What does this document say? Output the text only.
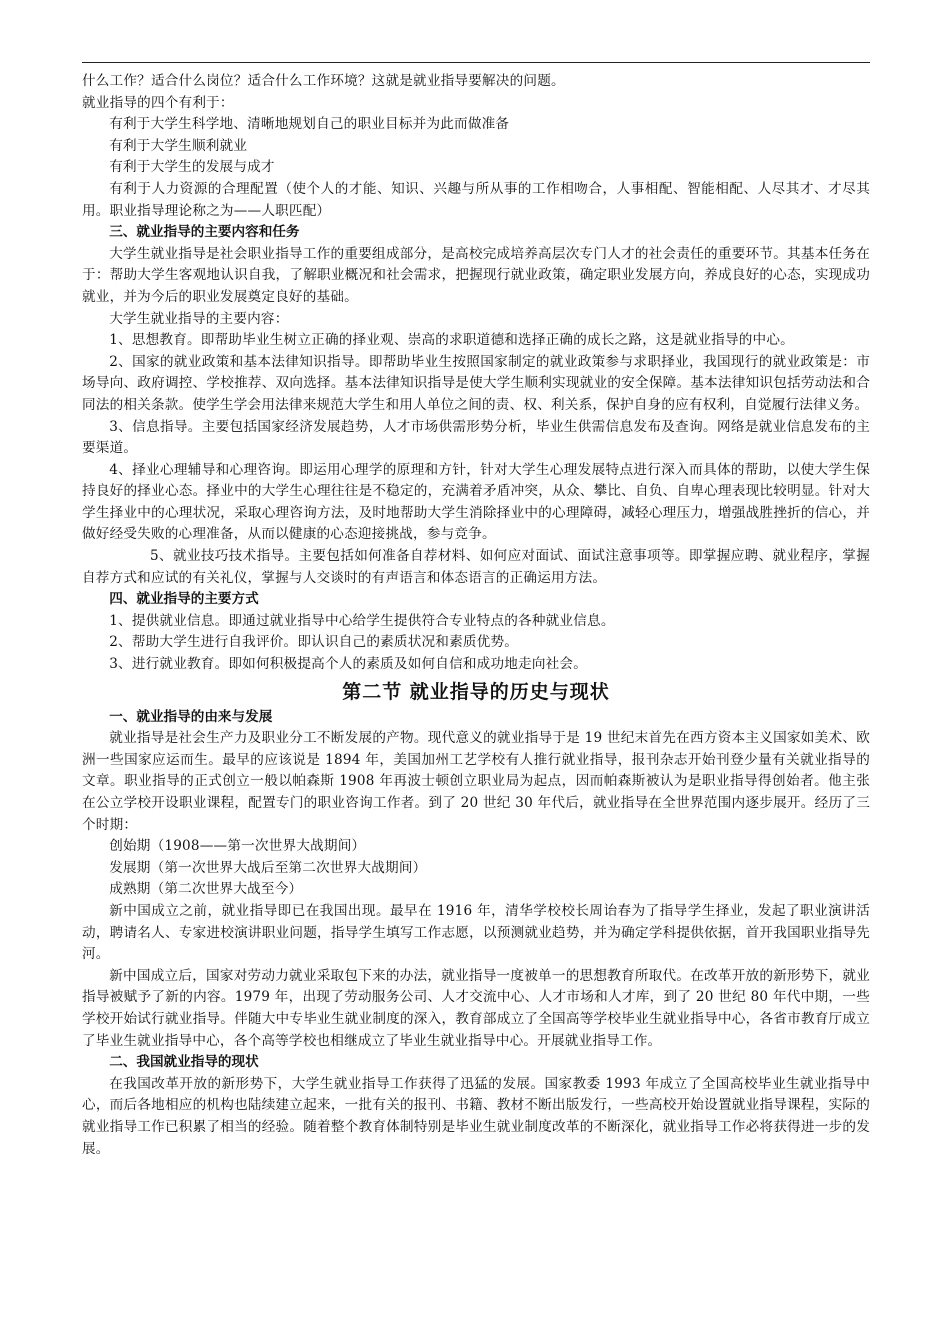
什么工作？适合什么岗位？适合什么工作环境？这就是就业指导要解决的问题。

就业指导的四个有利于：

有利于大学生科学地、清晰地规划自己的职业目标并为此而做准备

有利于大学生顺利就业

有利于大学生的发展与成才

有利于人力资源的合理配置（使个人的才能、知识、兴趣与所从事的工作相吻合，人事相配、智能相配、人尽其才、才尽其用。职业指导理论称之为——人职匹配）

三、就业指导的主要内容和任务

大学生就业指导是社会职业指导工作的重要组成部分，是高校完成培养高层次专门人才的社会责任的重要环节。其基本任务在于：帮助大学生客观地认识自我，了解职业概况和社会需求，把握现行就业政策，确定职业发展方向，养成良好的心态，实现成功就业，并为今后的职业发展奠定良好的基础。

大学生就业指导的主要内容：

1、思想教育。即帮助毕业生树立正确的择业观、崇高的求职道德和选择正确的成长之路，这是就业指导的中心。

2、国家的就业政策和基本法律知识指导。即帮助毕业生按照国家制定的就业政策参与求职择业，我国现行的就业政策是：市场导向、政府调控、学校推荐、双向选择。基本法律知识指导是使大学生顺利实现就业的安全保障。基本法律知识包括劳动法和合同法的相关条款。使学生学会用法律来规范大学生和用人单位之间的责、权、利关系，保护自身的应有权利，自觉履行法律义务。

3、信息指导。主要包括国家经济发展趋势，人才市场供需形势分析，毕业生供需信息发布及查询。网络是就业信息发布的主要渠道。

4、择业心理辅导和心理咨询。即运用心理学的原理和方针，针对大学生心理发展特点进行深入而具体的帮助，以使大学生保持良好的择业心态。择业中的大学生心理往往是不稳定的，充满着矛盾冲突，从众、攀比、自负、自卑心理表现比较明显。针对大学生择业中的心理状况，采取心理咨询方法，及时地帮助大学生消除择业中的心理障碍，减轻心理压力，增强战胜挫折的信心，并做好经受失败的心理准备，从而以健康的心态迎接挑战，参与竞争。

5、就业技巧技术指导。主要包括如何准备自荐材料、如何应对面试、面试注意事项等。即掌握应聘、就业程序，掌握自荐方式和应试的有关礼仪，掌握与人交谈时的有声语言和体态语言的正确运用方法。

四、就业指导的主要方式

1、提供就业信息。即通过就业指导中心给学生提供符合专业特点的各种就业信息。

2、帮助大学生进行自我评价。即认识自己的素质状况和素质优势。

3、进行就业教育。即如何积极提高个人的素质及如何自信和成功地走向社会。

第二节 就业指导的历史与现状
一、就业指导的由来与发展

就业指导是社会生产力及职业分工不断发展的产物。现代意义的就业指导于是 19 世纪末首先在西方资本主义国家如美术、欧洲一些国家应运而生。最早的应该说是 1894 年，美国加州工艺学校有人推行就业指导，报刊杂志开始刊登少量有关就业指导的文章。职业指导的正式创立一般以帕森斯 1908 年再波士顿创立职业局为起点，因而帕森斯被认为是职业指导得创始者。他主张在公立学校开设职业课程，配置专门的职业咨询工作者。到了 20 世纪 30 年代后，就业指导在全世界范围内逐步展开。经历了三个时期：

创始期（1908——第一次世界大战期间）

发展期（第一次世界大战后至第二次世界大战期间）

成熟期（第二次世界大战至今）

新中国成立之前，就业指导即已在我国出现。最早在 1916 年，清华学校校长周诒春为了指导学生择业，发起了职业演讲活动，聘请名人、专家进校演讲职业问题，指导学生填写工作志愿，以预测就业趋势，并为确定学科提供依据，首开我国职业指导先河。

新中国成立后，国家对劳动力就业采取包下来的办法，就业指导一度被单一的思想教育所取代。在改革开放的新形势下，就业指导被赋予了新的内容。1979 年，出现了劳动服务公司、人才交流中心、人才市场和人才库，到了 20 世纪 80 年代中期，一些学校开始试行就业指导。伴随大中专毕业生就业制度的深入，教育部成立了全国高等学校毕业生就业指导中心，各省市教育厅成立了毕业生就业指导中心，各个高等学校也相继成立了毕业生就业指导中心。开展就业指导工作。

二、我国就业指导的现状

在我国改革开放的新形势下，大学生就业指导工作获得了迅猛的发展。国家教委 1993 年成立了全国高校毕业生就业指导中心，而后各地相应的机构也陆续建立起来，一批有关的报刊、书籍、教材不断出版发行，一些高校开始设置就业指导课程，实际的就业指导工作已积累了相当的经验。随着整个教育体制特别是毕业生就业制度改革的不断深化，就业指导工作必将获得进一步的发展。
